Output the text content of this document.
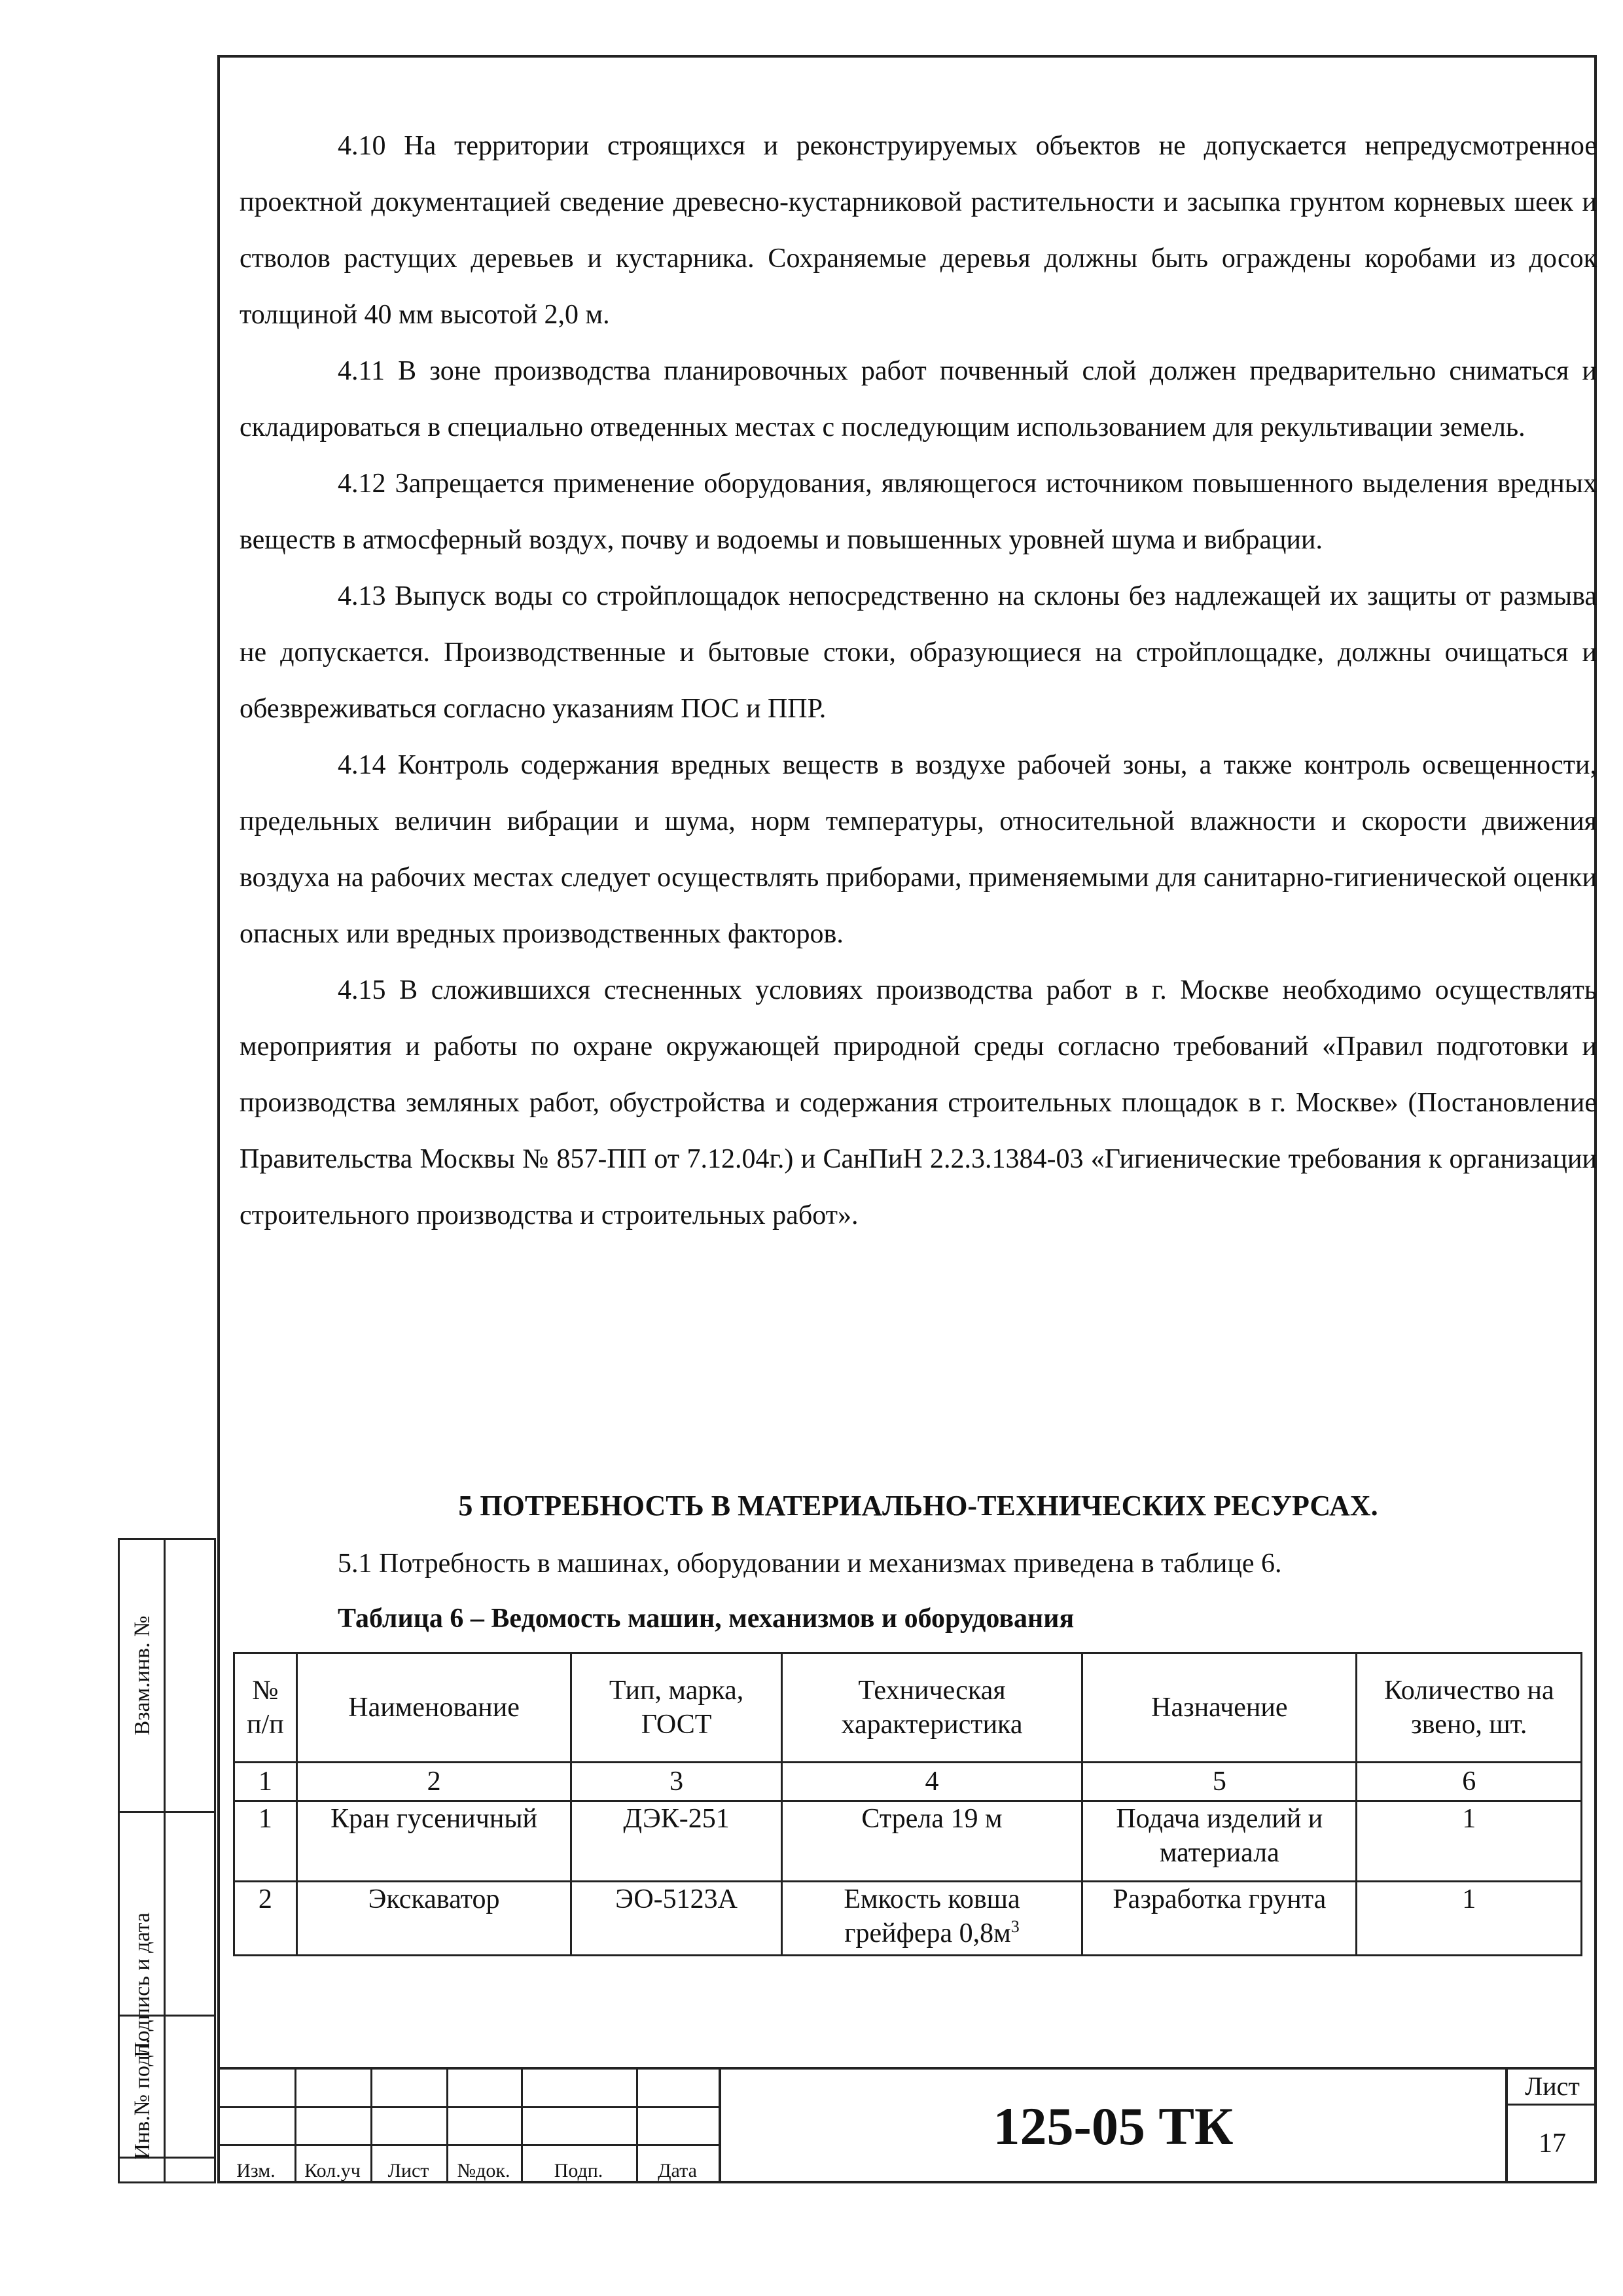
4.10 На территории строящихся и реконструируемых объектов не допускается непредусмотренное проектной документацией сведение древесно-кустарниковой растительности и засыпка грунтом корневых шеек и стволов растущих деревьев и кустарника. Сохраняемые деревья должны быть ограждены коробами из досок толщиной 40 мм высотой 2,0 м.

4.11 В зоне производства планировочных работ почвенный слой должен предварительно сниматься и складироваться в специально отведенных местах с последующим использованием для рекультивации земель.

4.12 Запрещается применение оборудования, являющегося источником повышенного выделения вредных веществ в атмосферный воздух, почву и водоемы и повышенных уровней шума и вибрации.

4.13 Выпуск воды со стройплощадок непосредственно на склоны без надлежащей их защиты от размыва не допускается. Производственные и бытовые стоки, образующиеся на стройплощадке, должны очищаться и обезвреживаться согласно указаниям ПОС и ППР.

4.14 Контроль содержания вредных веществ в воздухе рабочей зоны, а также контроль освещенности, предельных величин вибрации и шума, норм температуры, относительной влажности и скорости движения воздуха на рабочих местах следует осуществлять приборами, применяемыми для санитарно-гигиенической оценки опасных или вредных производственных факторов.

4.15 В сложившихся стесненных условиях производства работ в г. Москве необходимо осуществлять мероприятия и работы по охране окружающей природной среды согласно требований «Правил подготовки и производства земляных работ, обустройства и содержания строительных площадок в г. Москве» (Постановление Правительства Москвы № 857-ПП от 7.12.04г.) и СанПиН 2.2.3.1384-03 «Гигиенические требования к организации строительного производства и строительных работ».

5 ПОТРЕБНОСТЬ В МАТЕРИАЛЬНО-ТЕХНИЧЕСКИХ РЕСУРСАХ.

5.1 Потребность в машинах, оборудовании и механизмах приведена в таблице 6.

Таблица 6 – Ведомость машин, механизмов и оборудования

№ п/п	Наименование	Тип, марка, ГОСТ	Техническая характеристика	Назначение	Количество на звено, шт.
1	2	3	4	5	6
1	Кран гусеничный	ДЭК-251	Стрела 19 м	Подача изделий и материала	1
2	Экскаватор	ЭО-5123А	Емкость ковша грейфера $0,8м^3$	Разработка грунта	1
Взам.инв. №
Подпись и дата
Инв.№ подл.
Изм.	Кол.уч	Лист	№док.	Подп.	Дата
125-05 ТК
Лист
17
